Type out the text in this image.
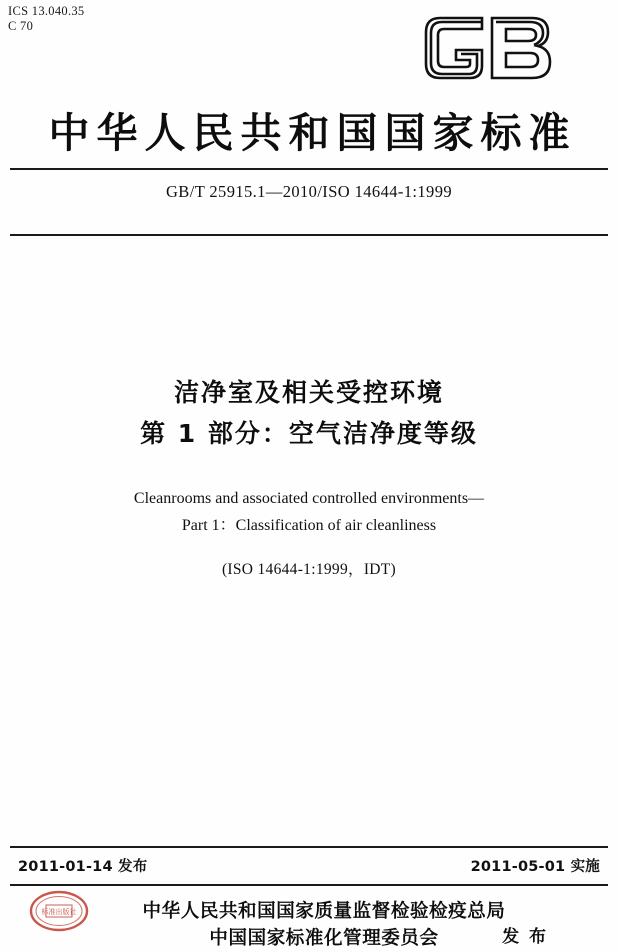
ICS 13.040.35
C 70
中华人民共和国国家标准
GB/T 25915.1—2010/ISO 14644-1:1999
洁净室及相关受控环境
第 1 部分：空气洁净度等级
Cleanrooms and associated controlled environments—
Part 1：Classification of air cleanliness
(ISO 14644-1:1999，IDT)
2011-01-14 发布	2011-05-01 实施
标准出版社	中华人民共和国国家质量监督检验检疫总局
中国国家标准化管理委员会	发 布
